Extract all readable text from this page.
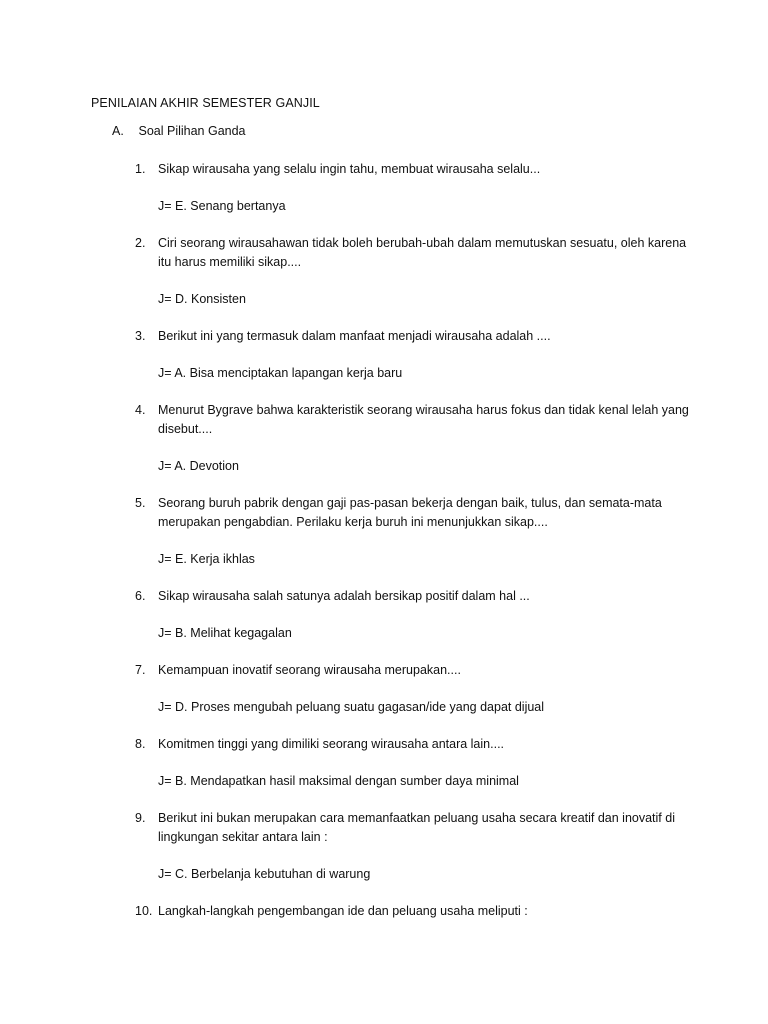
PENILAIAN AKHIR SEMESTER GANJIL
A. Soal Pilihan Ganda
1.	Sikap wirausaha yang selalu ingin tahu, membuat wirausaha selalu...
J= E. Senang bertanya
2.	Ciri seorang wirausahawan tidak boleh berubah-ubah dalam memutuskan sesuatu, oleh karena itu harus memiliki sikap....
J= D. Konsisten
3.	Berikut ini yang termasuk dalam manfaat menjadi wirausaha adalah ....
J= A. Bisa menciptakan lapangan kerja baru
4.	Menurut Bygrave bahwa karakteristik seorang wirausaha harus fokus dan tidak kenal lelah yang disebut....
J= A. Devotion
5.	Seorang buruh pabrik dengan gaji pas-pasan bekerja dengan baik, tulus, dan semata-mata merupakan pengabdian. Perilaku kerja buruh ini menunjukkan sikap....
J= E. Kerja ikhlas
6.	Sikap wirausaha salah satunya adalah bersikap positif dalam hal ...
J= B. Melihat kegagalan
7.	Kemampuan inovatif seorang wirausaha merupakan....
J= D. Proses mengubah peluang suatu gagasan/ide yang dapat dijual
8.	Komitmen tinggi yang dimiliki seorang wirausaha antara lain....
J= B. Mendapatkan hasil maksimal dengan sumber daya minimal
9.	Berikut ini bukan merupakan cara memanfaatkan peluang usaha secara kreatif dan inovatif di lingkungan sekitar antara lain :
J= C. Berbelanja kebutuhan di warung
10. Langkah-langkah pengembangan ide dan peluang usaha meliputi :
